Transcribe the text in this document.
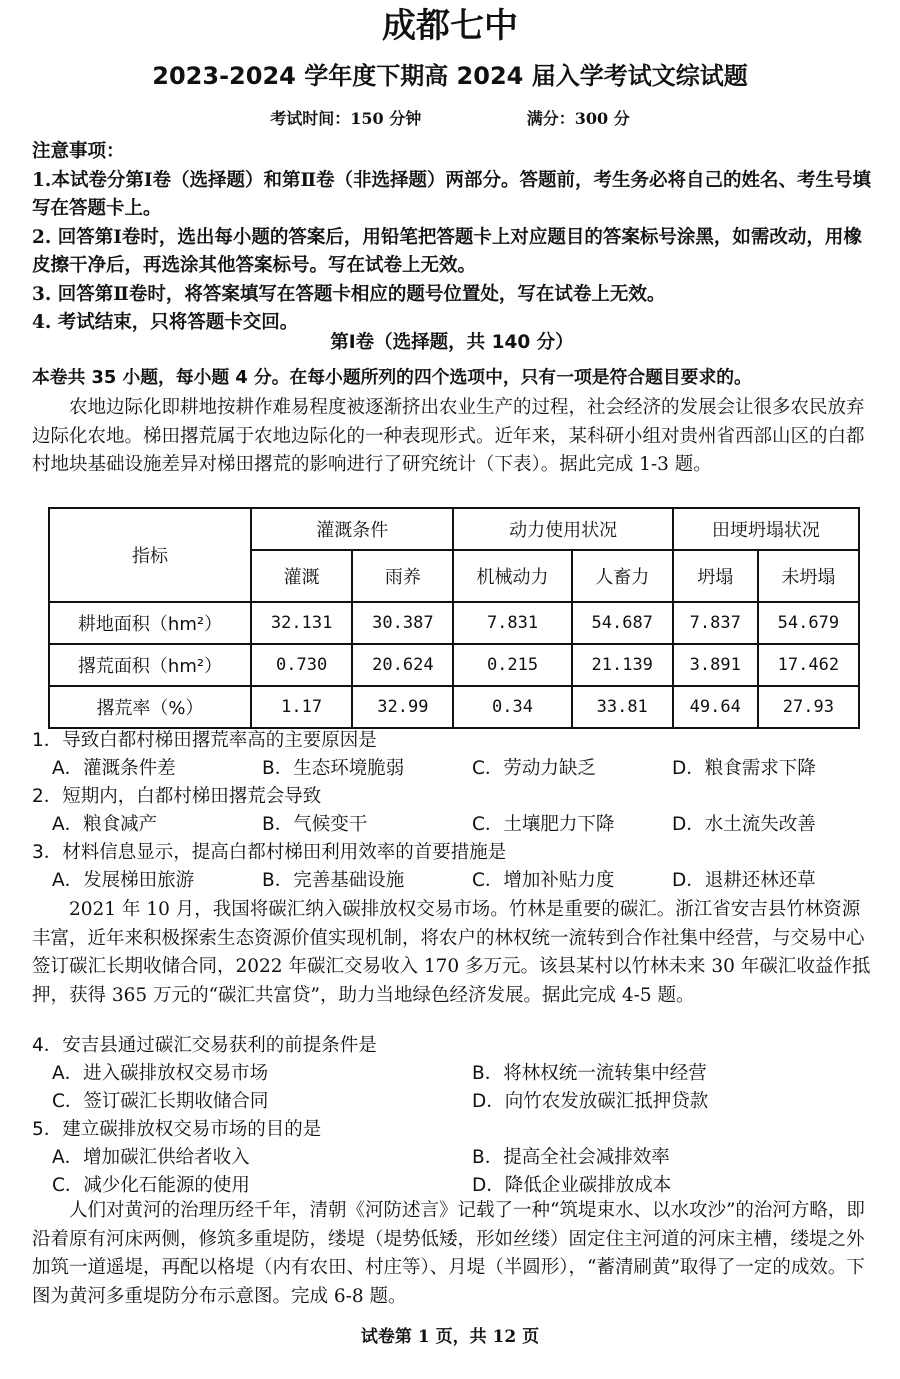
成都七中
2023-2024 学年度下期高 2024 届入学考试文综试题
考试时间：150 分钟	满分：300 分

注意事项：

1.本试卷分第Ⅰ卷（选择题）和第Ⅱ卷（非选择题）两部分。答题前，考生务必将自己的姓名、考生号填写在答题卡上。

2. 回答第Ⅰ卷时，选出每小题的答案后，用铅笔把答题卡上对应题目的答案标号涂黑，如需改动，用橡皮擦干净后，再选涂其他答案标号。写在试卷上无效。

3. 回答第Ⅱ卷时，将答案填写在答题卡相应的题号位置处，写在试卷上无效。

4. 考试结束，只将答题卡交回。

第Ⅰ卷（选择题，共 140 分）
本卷共 35 小题，每小题 4 分。在每小题所列的四个选项中，只有一项是符合题目要求的。
农地边际化即耕地按耕作难易程度被逐渐挤出农业生产的过程，社会经济的发展会让很多农民放弃边际化农地。梯田撂荒属于农地边际化的一种表现形式。近年来，某科研小组对贵州省西部山区的白都村地块基础设施差异对梯田撂荒的影响进行了研究统计（下表）。据此完成 1-3 题。
指标	灌溉条件		动力使用状况		田埂坍塌状况	
	灌溉	雨养	机械动力	人畜力	坍塌	未坍塌
耕地面积（hm²）	32.131	30.387	7.831	54.687	7.837	54.679
撂荒面积（hm²）	0.730	20.624	0.215	21.139	3.891	17.462
撂荒率（%）	1.17	32.99	0.34	33.81	49.64	27.93

1．导致白都村梯田撂荒率高的主要原因是

A．灌溉条件差	B．生态环境脆弱	C．劳动力缺乏	D．粮食需求下降

2．短期内，白都村梯田撂荒会导致

A．粮食减产	B．气候变干	C．土壤肥力下降	D．水土流失改善

3．材料信息显示，提高白都村梯田利用效率的首要措施是

A．发展梯田旅游	B．完善基础设施	C．增加补贴力度	D．退耕还林还草
2021 年 10 月，我国将碳汇纳入碳排放权交易市场。竹林是重要的碳汇。浙江省安吉县竹林资源丰富，近年来积极探索生态资源价值实现机制，将农户的林权统一流转到合作社集中经营，与交易中心签订碳汇长期收储合同，2022 年碳汇交易收入 170 多万元。该县某村以竹林未来 30 年碳汇收益作抵押，获得 365 万元的“碳汇共富贷”，助力当地绿色经济发展。据此完成 4-5 题。

4．安吉县通过碳汇交易获利的前提条件是

A．进入碳排放权交易市场	B．将林权统一流转集中经营
C．签订碳汇长期收储合同	D．向竹农发放碳汇抵押贷款

5．建立碳排放权交易市场的目的是

A．增加碳汇供给者收入	B．提高全社会减排效率
C．减少化石能源的使用	D．降低企业碳排放成本
人们对黄河的治理历经千年，清朝《河防述言》记载了一种“筑堤束水、以水攻沙”的治河方略，即沿着原有河床两侧，修筑多重堤防，缕堤（堤势低矮，形如丝缕）固定住主河道的河床主槽，缕堤之外加筑一道遥堤，再配以格堤（内有农田、村庄等）、月堤（半圆形），“蓄清刷黄”取得了一定的成效。下图为黄河多重堤防分布示意图。完成 6-8 题。
试卷第 1 页，共 12 页
